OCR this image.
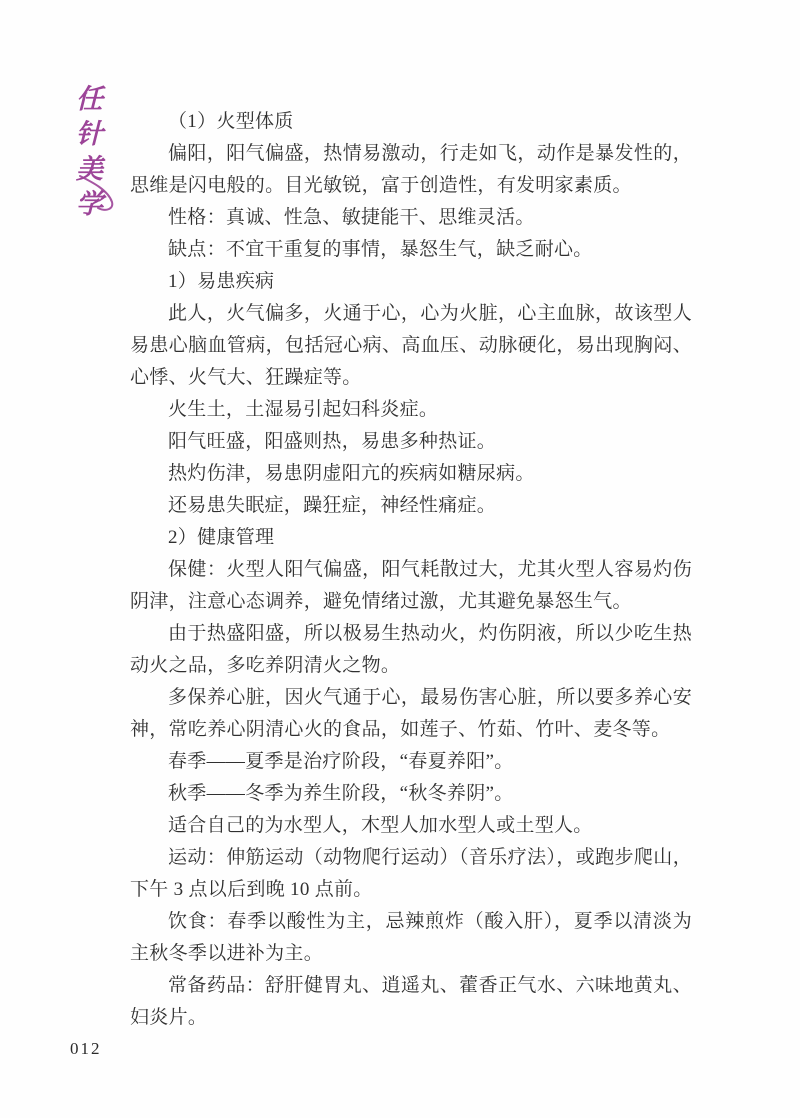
任针美学	（1）火型体质

偏阳，阳气偏盛，热情易激动，行走如飞，动作是暴发性的，思维是闪电般的。目光敏锐，富于创造性，有发明家素质。

性格：真诚、性急、敏捷能干、思维灵活。

缺点：不宜干重复的事情，暴怒生气，缺乏耐心。

1）易患疾病

此人，火气偏多，火通于心，心为火脏，心主血脉，故该型人易患心脑血管病，包括冠心病、高血压、动脉硬化，易出现胸闷、心悸、火气大、狂躁症等。

火生土，土湿易引起妇科炎症。

阳气旺盛，阳盛则热，易患多种热证。

热灼伤津，易患阴虚阳亢的疾病如糖尿病。

还易患失眠症，躁狂症，神经性痛症。

2）健康管理

保健：火型人阳气偏盛，阳气耗散过大，尤其火型人容易灼伤阴津，注意心态调养，避免情绪过激，尤其避免暴怒生气。

由于热盛阳盛，所以极易生热动火，灼伤阴液，所以少吃生热动火之品，多吃养阴清火之物。

多保养心脏，因火气通于心，最易伤害心脏，所以要多养心安神，常吃养心阴清心火的食品，如莲子、竹茹、竹叶、麦冬等。

春季——夏季是治疗阶段，“春夏养阳”。

秋季——冬季为养生阶段，“秋冬养阴”。

适合自己的为水型人，木型人加水型人或土型人。

运动：伸筋运动（动物爬行运动）（音乐疗法），或跑步爬山，下午 3 点以后到晚 10 点前。

饮食：春季以酸性为主，忌辣煎炸（酸入肝），夏季以清淡为主秋冬季以进补为主。

常备药品：舒肝健胃丸、逍遥丸、藿香正气水、六味地黄丸、妇炎片。

012
